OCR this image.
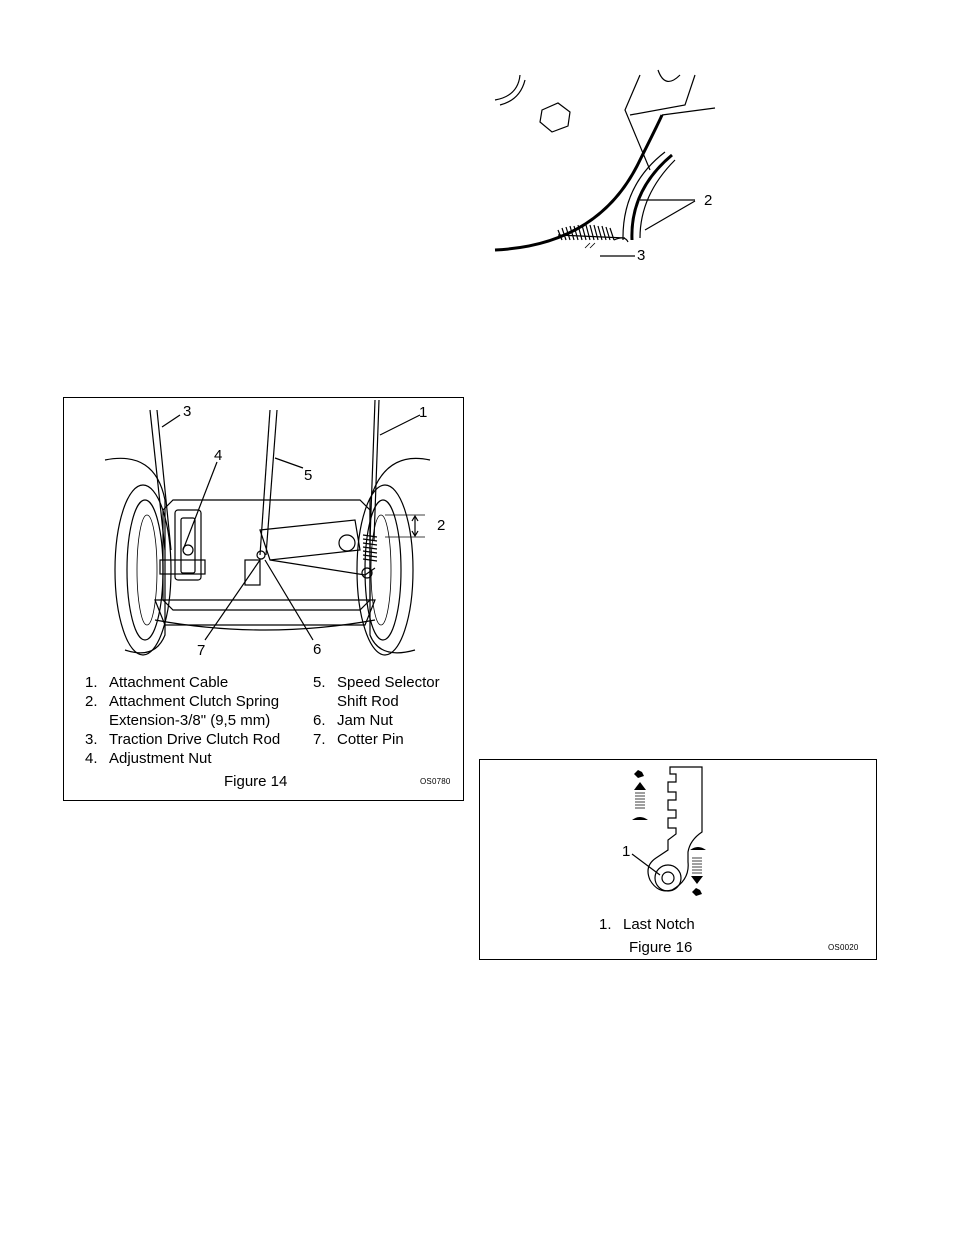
2
3
3	1
4
5
2
7	6
1. Attachment Cable
2. Attachment Clutch Spring
Extension-3/8" (9,5 mm)
3. Traction Drive Clutch Rod
4. Adjustment Nut
5. Speed Selector
Shift Rod
6. Jam Nut
7. Cotter Pin
Figure 14	OS0780
1
1. Last Notch
Figure 16	OS0020
